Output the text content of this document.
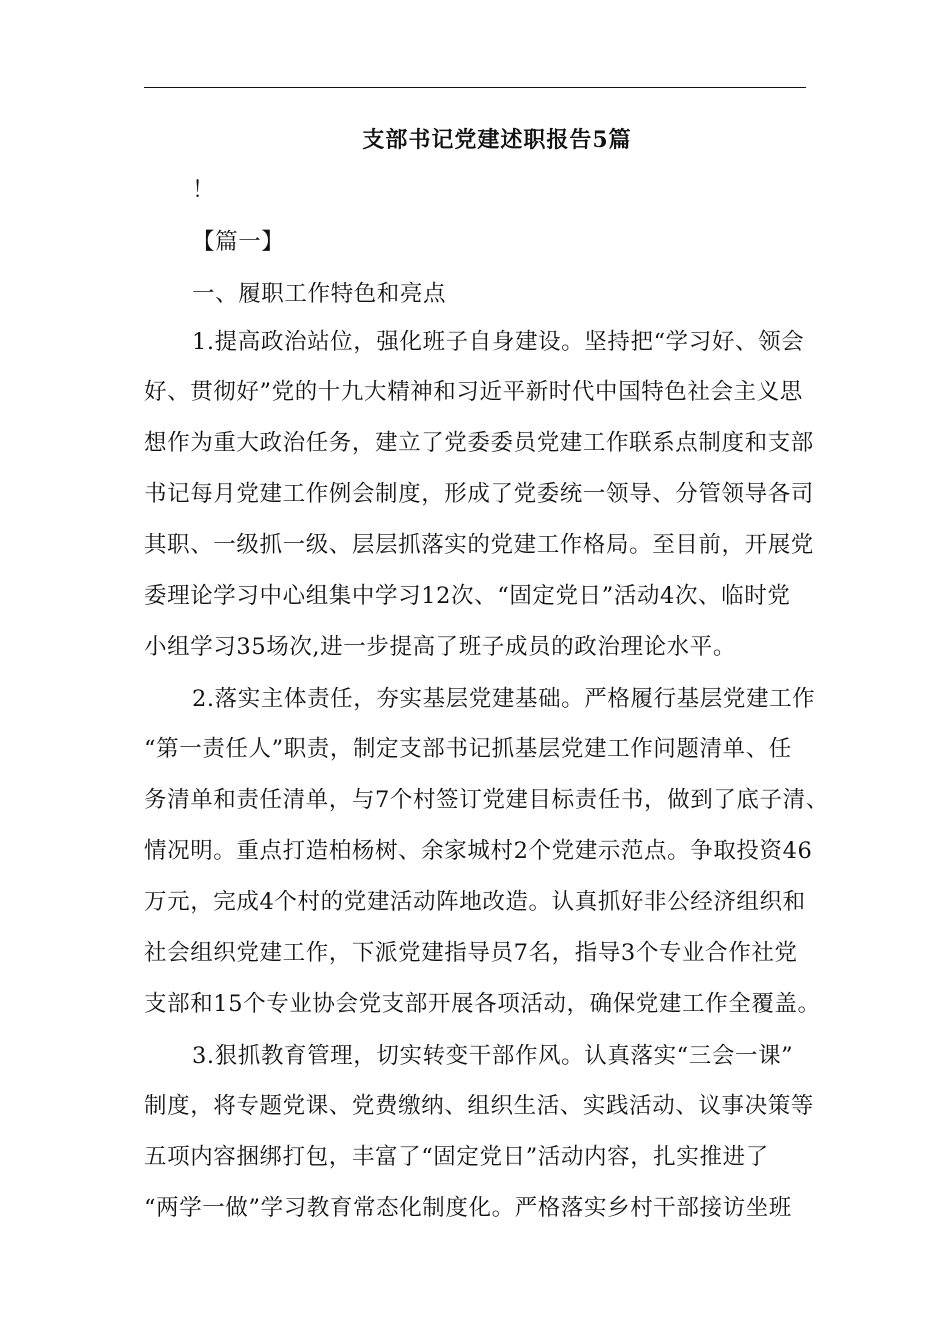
支部书记党建述职报告5篇
！
【篇一】
一、履职工作特色和亮点
1.提高政治站位，强化班子自身建设。坚持把“学习好、领会
好、贯彻好”党的十九大精神和习近平新时代中国特色社会主义思
想作为重大政治任务，建立了党委委员党建工作联系点制度和支部
书记每月党建工作例会制度，形成了党委统一领导、分管领导各司
其职、一级抓一级、层层抓落实的党建工作格局。至目前，开展党
委理论学习中心组集中学习12次、“固定党日”活动4次、临时党
小组学习35场次,进一步提高了班子成员的政治理论水平。
2.落实主体责任，夯实基层党建基础。严格履行基层党建工作
“第一责任人”职责，制定支部书记抓基层党建工作问题清单、任
务清单和责任清单，与7个村签订党建目标责任书，做到了底子清、
情况明。重点打造柏杨树、余家城村2个党建示范点。争取投资46
万元，完成4个村的党建活动阵地改造。认真抓好非公经济组织和
社会组织党建工作，下派党建指导员7名，指导3个专业合作社党
支部和15个专业协会党支部开展各项活动，确保党建工作全覆盖。
3.狠抓教育管理，切实转变干部作风。认真落实“三会一课”
制度，将专题党课、党费缴纳、组织生活、实践活动、议事决策等
五项内容捆绑打包，丰富了“固定党日”活动内容，扎实推进了
“两学一做”学习教育常态化制度化。严格落实乡村干部接访坐班
